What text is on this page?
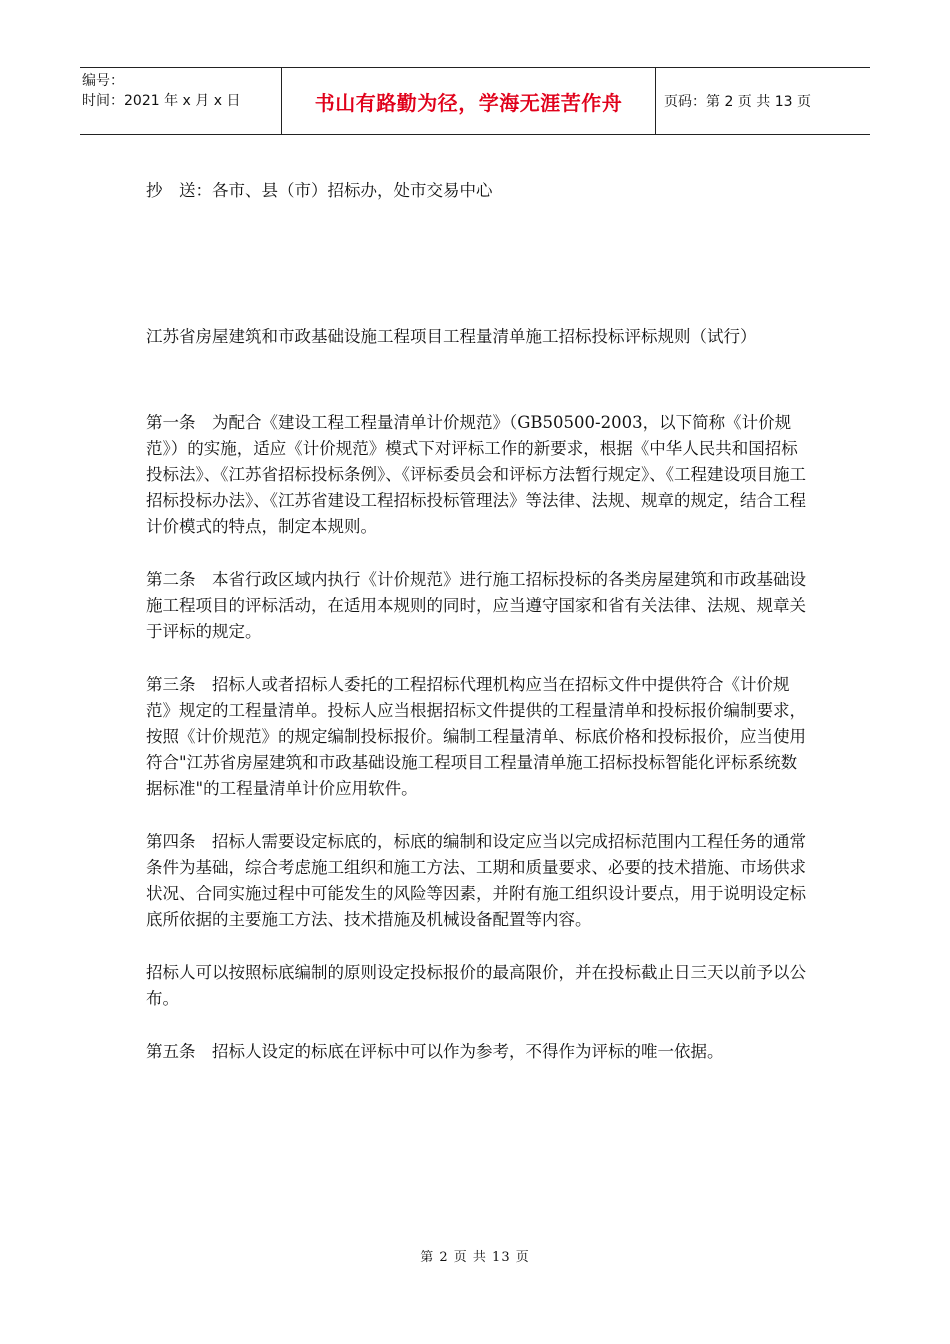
编号：
时间：2021 年 x 月 x 日	书山有路勤为径，学海无涯苦作舟	页码：第 2 页 共 13 页

抄　送：各市、县（市）招标办，处市交易中心

江苏省房屋建筑和市政基础设施工程项目工程量清单施工招标投标评标规则（试行）

第一条　为配合《建设工程工程量清单计价规范》（GB50500-2003，以下简称《计价规范》）的实施，适应《计价规范》模式下对评标工作的新要求，根据《中华人民共和国招标投标法》、《江苏省招标投标条例》、《评标委员会和评标方法暂行规定》、《工程建设项目施工招标投标办法》、《江苏省建设工程招标投标管理法》等法律、法规、规章的规定，结合工程计价模式的特点，制定本规则。

第二条　本省行政区域内执行《计价规范》进行施工招标投标的各类房屋建筑和市政基础设施工程项目的评标活动，在适用本规则的同时，应当遵守国家和省有关法律、法规、规章关于评标的规定。

第三条　招标人或者招标人委托的工程招标代理机构应当在招标文件中提供符合《计价规范》规定的工程量清单。投标人应当根据招标文件提供的工程量清单和投标报价编制要求，按照《计价规范》的规定编制投标报价。编制工程量清单、标底价格和投标报价，应当使用符合"江苏省房屋建筑和市政基础设施工程项目工程量清单施工招标投标智能化评标系统数据标准"的工程量清单计价应用软件。

第四条　招标人需要设定标底的，标底的编制和设定应当以完成招标范围内工程任务的通常条件为基础，综合考虑施工组织和施工方法、工期和质量要求、必要的技术措施、市场供求状况、合同实施过程中可能发生的风险等因素，并附有施工组织设计要点，用于说明设定标底所依据的主要施工方法、技术措施及机械设备配置等内容。

招标人可以按照标底编制的原则设定投标报价的最高限价，并在投标截止日三天以前予以公布。

第五条　招标人设定的标底在评标中可以作为参考，不得作为评标的唯一依据。

第 2 页 共 13 页
